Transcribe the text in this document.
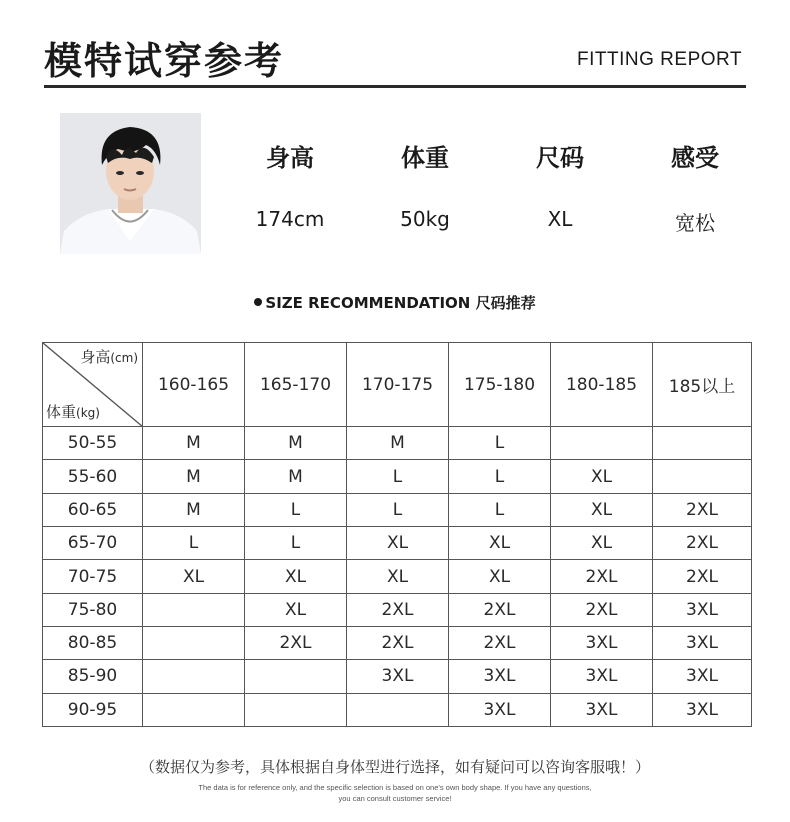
模特试穿参考	FITTING REPORT
身高	体重	尺码	感受
174cm	50kg	XL	宽松
SIZE RECOMMENDATION 尺码推荐
身高(cm)
体重(kg)	160-165	165-170	170-175	175-180	180-185	185以上
50-55	M	M	M	L		
55-60	M	M	L	L	XL	
60-65	M	L	L	L	XL	2XL
65-70	L	L	XL	XL	XL	2XL
70-75	XL	XL	XL	XL	2XL	2XL
75-80		XL	2XL	2XL	2XL	3XL
80-85		2XL	2XL	2XL	3XL	3XL
85-90			3XL	3XL	3XL	3XL
90-95				3XL	3XL	3XL
（数据仅为参考，具体根据自身体型进行选择，如有疑问可以咨询客服哦！）
The data is for reference only, and the specific selection is based on one's own body shape. If you have any questions,
you can consult customer service!
